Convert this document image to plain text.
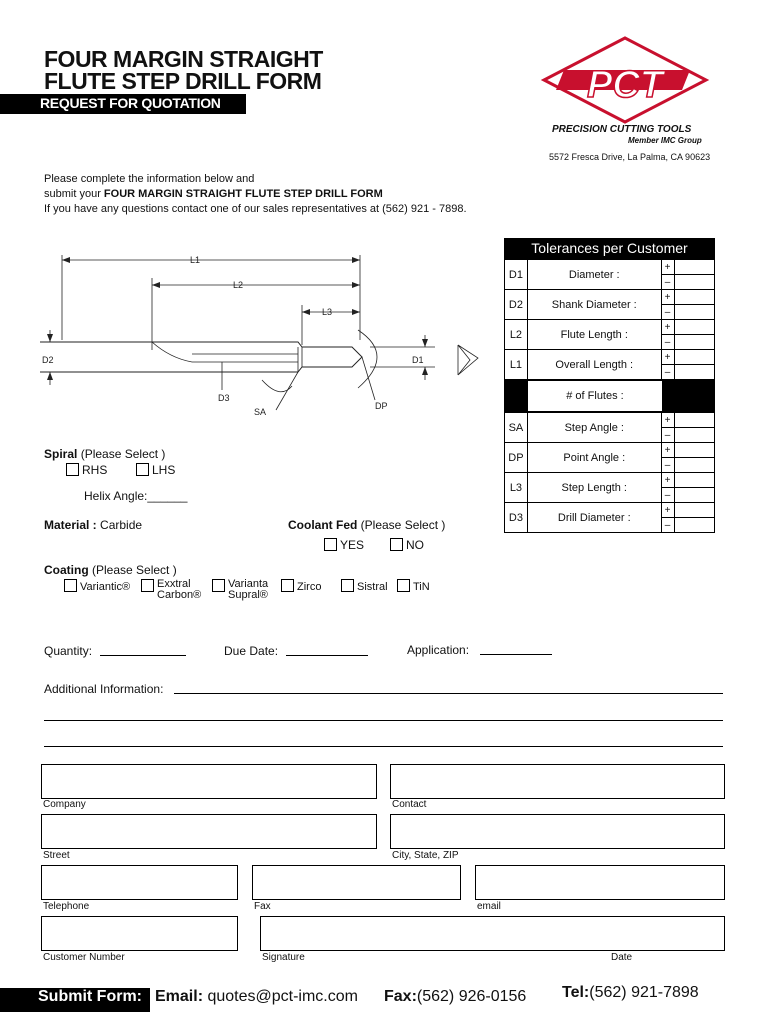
FOUR MARGIN STRAIGHT
FLUTE STEP DRILL FORM
REQUEST FOR QUOTATION	PCT
PRECISION CUTTING TOOLS
Member IMC Group
5572 Fresca Drive, La Palma, CA 90623
Please complete the information below and
submit your FOUR MARGIN STRAIGHT FLUTE STEP DRILL FORM
If you have any questions contact one of our sales representatives at (562) 921 - 7898.
L1
L2
L3
D2	D1
D3
SA
DP
Tolerances per Customer
D1	Diameter :	+	
		–	
D2	Shank Diameter :	+	
		–	
L2	Flute Length :	+	
		–	
L1	Overall Length :	+	
		–	
	# of Flutes :	
SA	Step Angle :	+	
		–	
DP	Point Angle :	+	
		–	
L3	Step Length :	+	
		–	
D3	Drill Diameter :	+	
		–	
Spiral (Please Select )
RHS	LHS
Helix Angle:______
Material : Carbide	Coolant Fed (Please Select )
YES	NO
Coating (Please Select )
Variantic® Exxtral Carbon®
Varianta Supral®
Zirco	Sistral	TiN
Quantity:	Due Date:	Application:
Additional Information:
Company	Contact
Street	City, State, ZIP
Telephone	Fax	email
Customer Number	Signature	Date
Submit Form: Email: quotes@pct-imc.com Fax:(562) 926-0156 Tel:(562) 921-7898
